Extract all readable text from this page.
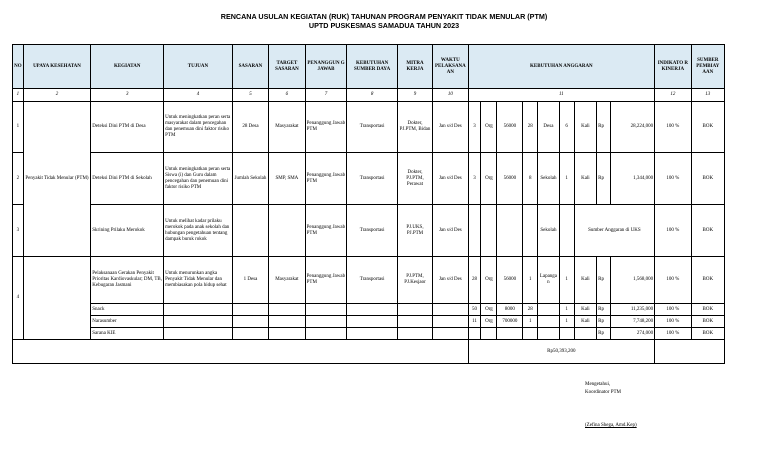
RENCANA USULAN KEGIATAN (RUK) TAHUNAN PROGRAM PENYAKIT TIDAK MENULAR (PTM)
UPTD PUSKESMAS SAMADUA TAHUN 2023
NO	UPAYA KESEHATAN	KEGIATAN	TUJUAN	SASARAN	TARGET SASARAN	PENANGGUN G JAWAB	KEBUTUHAN SUMBER DAYA	MITRA KERJA	WAKTU PELAKSANA AN	KEBUTUHAN ANGGARAN									INDIKATO R KINERJA	SUMBER PEMBIAY AAN
1	2	3	4	5	6	7	8	9	10	11									12	13
1	Penyakit Tidak Menular (PTM)	Deteksi Dini PTM di Desa	Untuk meningkatkan peran serta masyarakat dalam pencegahan dan penemuan dini faktor risiko PTM	28 Desa	Masyarakat	Penanggung Jawab PTM	Transportasi	Dokter, PJ.PTM, Bidan	Jan s/d Des	3	Org	56000	28	Desa	6	Kali	Rp	28,224,000	100 %	BOK
2		Deteksi Dini PTM di Sekolah	Untuk meningkatkan peran serta Siswa (i) dan Guru dalam pencegahan dan penemuan dini faktor risiko PTM	Jumlah Sekolah	SMP, SMA	Penanggung Jawab PTM	Transportasi	Dokter, PJ.PTM, Perawat	Jan s/d Des	3	Org	56000	8	Sekolah	1	Kali	Rp	1,344,000	100 %	BOK
3		Skrining Prilaku Merokok	Untuk melihat kadar prilaku merokok pada anak sekolah dan hubungan pengetahuan tentang dampak buruk rokok			Penanggung Jawab PTM	Transportasi	PJ.UKS, PJ.PTM	Jan s/d Des					Sekolah		Sumber Anggaran di UKS			100 %	BOK
4		Pelaksanaan Gerakan Penyakit Prioritas Kardiovaskular; DM, TB, Kebugaran Jasmani	Untuk menurunkan angka Penyakit Tidak Menular dan membiasakan pola hidup sehat	1 Desa	Masyarakat	Penanggung Jawab PTM	Transportasi	PJ.PTM, PJ.Kesjaor	Jan s/d Des	28	Org	56000	1	Lapangan	1	Kali	Rp	1,568,000	100 %	BOK
		Snack								50	Org	8000	28		1	Kali	Rp	11,235,000	100 %	BOK
		Narasumber								11	Org	700000	1		1	Kali	Rp	7,748,200	100 %	BOK
		Sarana KIE															Rp	274,000	100 %	BOK
										Rp50,393,200										
Mengetahui,
Koordinator PTM
(Zefina Shega, Amd.Kep)
